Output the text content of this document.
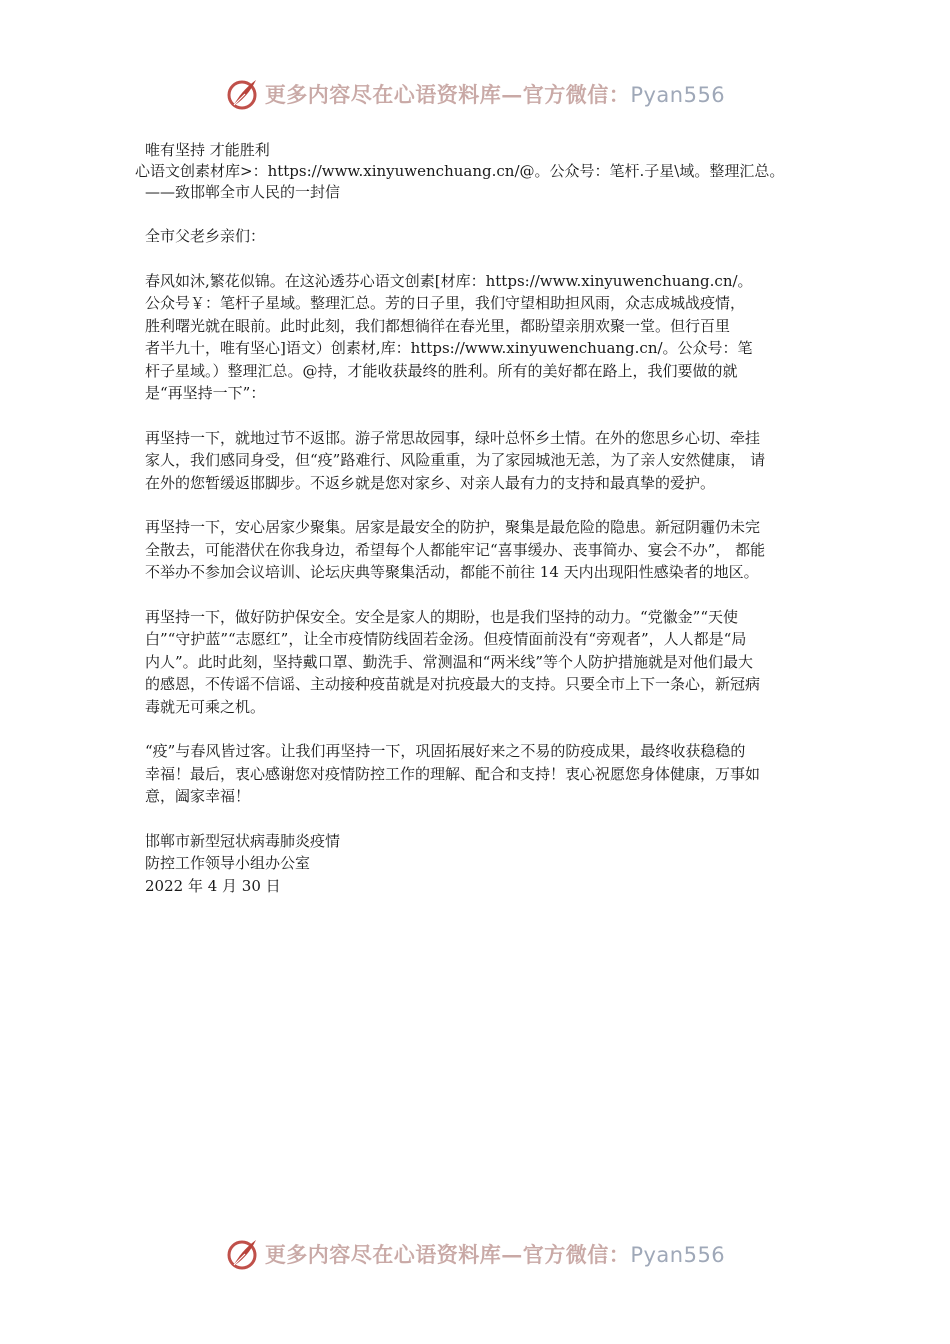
更多内容尽在心语资料库—官方微信：Pyan556
唯有坚持 才能胜利
心语文创素材库>：https://www.xinyuwenchuang.cn/@。公众号：笔杆.子星\域。整理汇总。
——致邯郸全市人民的一封信
全市父老乡亲们：
春风如沐,繁花似锦。在这沁透芬心语文创素[材库：https://www.xinyuwenchuang.cn/。
公众号￥：笔杆子星域。整理汇总。芳的日子里，我们守望相助担风雨，众志成城战疫情，
胜利曙光就在眼前。此时此刻，我们都想徜徉在春光里，都盼望亲朋欢聚一堂。但行百里
者半九十，唯有坚心]语文）创素材,库：https://www.xinyuwenchuang.cn/。公众号：笔
杆子星域。）整理汇总。@持，才能收获最终的胜利。所有的美好都在路上，我们要做的就
是“再坚持一下”：
再坚持一下，就地过节不返邯。游子常思故园事，绿叶总怀乡土情。在外的您思乡心切、牵挂
家人，我们感同身受，但“疫”路难行、风险重重，为了家园城池无恙，为了亲人安然健康， 请
在外的您暂缓返邯脚步。不返乡就是您对家乡、对亲人最有力的支持和最真挚的爱护。
再坚持一下，安心居家少聚集。居家是最安全的防护，聚集是最危险的隐患。新冠阴霾仍未完
全散去，可能潜伏在你我身边，希望每个人都能牢记“喜事缓办、丧事简办、宴会不办”， 都能
不举办不参加会议培训、论坛庆典等聚集活动，都能不前往 14 天内出现阳性感染者的地区。
再坚持一下，做好防护保安全。安全是家人的期盼，也是我们坚持的动力。“党徽金”“天使
白”“守护蓝”“志愿红”，让全市疫情防线固若金汤。但疫情面前没有“旁观者”，人人都是“局
内人”。此时此刻，坚持戴口罩、勤洗手、常测温和“两米线”等个人防护措施就是对他们最大
的感恩，不传谣不信谣、主动接种疫苗就是对抗疫最大的支持。只要全市上下一条心，新冠病
毒就无可乘之机。
“疫”与春风皆过客。让我们再坚持一下，巩固拓展好来之不易的防疫成果，最终收获稳稳的
幸福！最后，衷心感谢您对疫情防控工作的理解、配合和支持！衷心祝愿您身体健康，万事如
意，阖家幸福！
邯郸市新型冠状病毒肺炎疫情
防控工作领导小组办公室
2022 年 4 月 30 日
更多内容尽在心语资料库—官方微信：Pyan556
